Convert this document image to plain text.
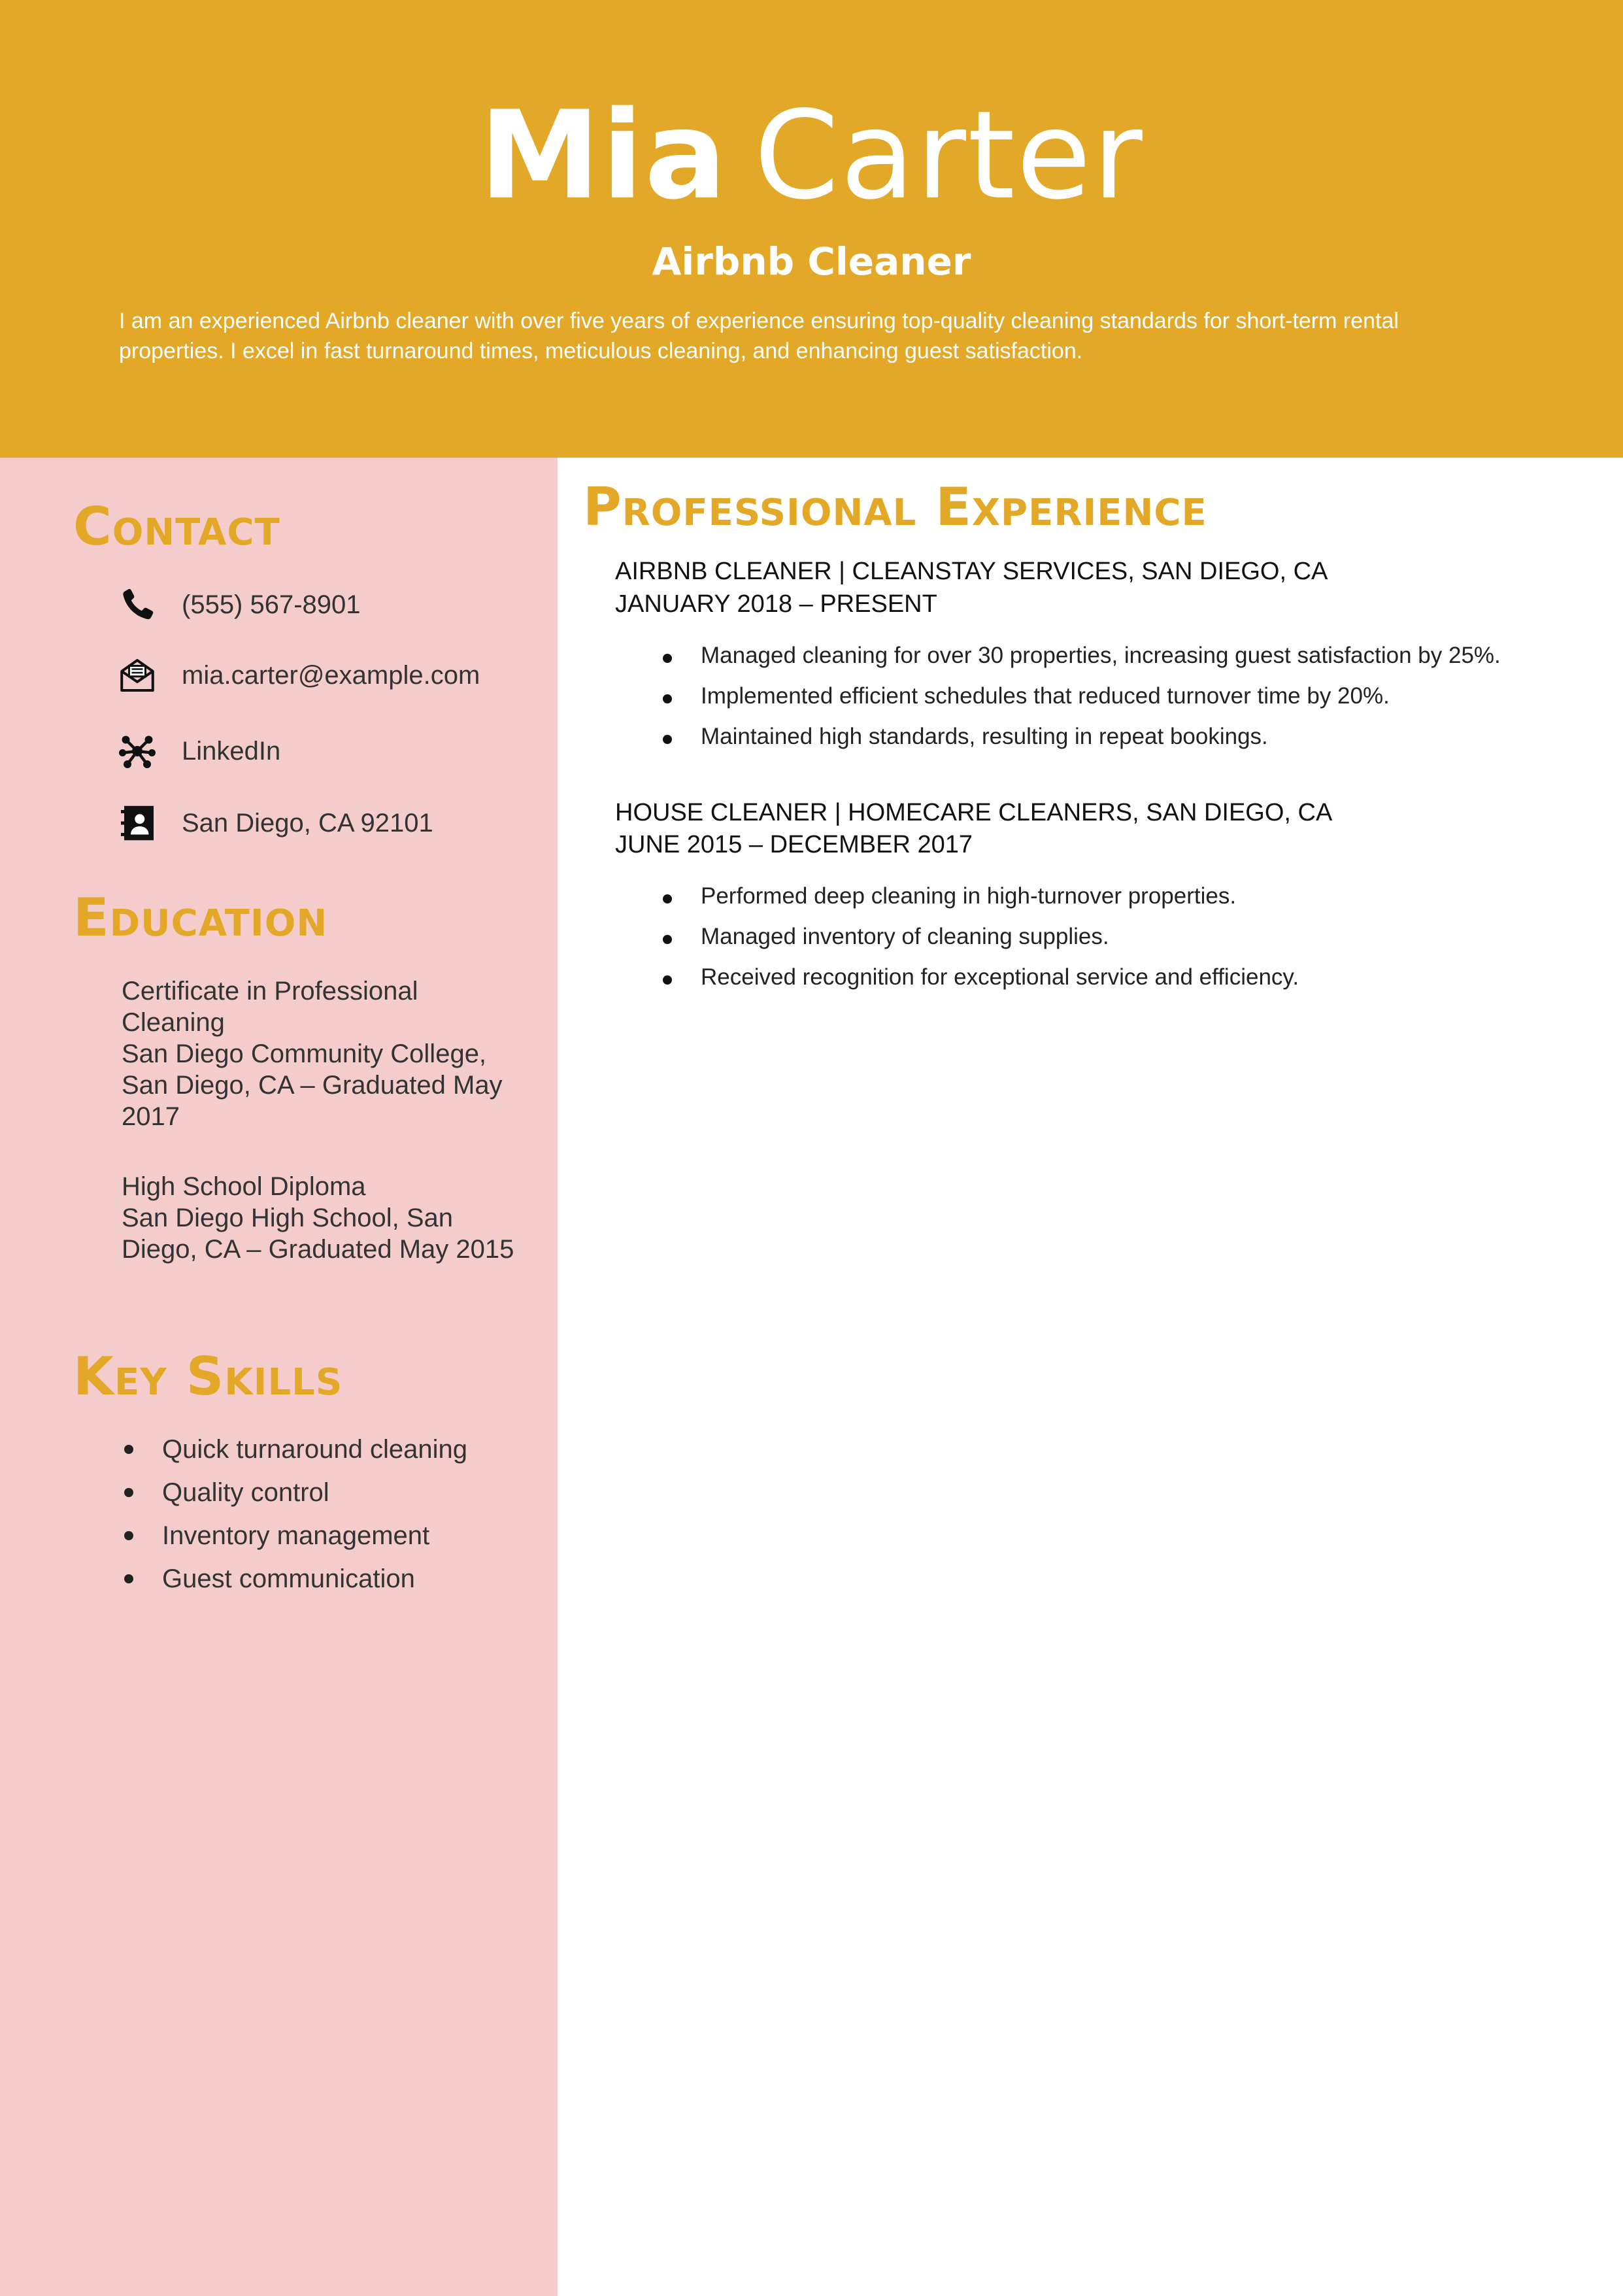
Mia Carter
Airbnb Cleaner
I am an experienced Airbnb cleaner with over five years of experience ensuring top-quality cleaning standards for short-term rental properties. I excel in fast turnaround times, meticulous cleaning, and enhancing guest satisfaction.
Contact
(555) 567-8901
mia.carter@example.com
LinkedIn
San Diego, CA 92101
Education
Certificate in Professional Cleaning
San Diego Community College, San Diego, CA – Graduated May 2017
High School Diploma
San Diego High School, San Diego, CA – Graduated May 2015
Key Skills
Quick turnaround cleaning
Quality control
Inventory management
Guest communication
Professional Experience
AIRBNB CLEANER | CLEANSTAY SERVICES, SAN DIEGO, CA
JANUARY 2018 – PRESENT
Managed cleaning for over 30 properties, increasing guest satisfaction by 25%.
Implemented efficient schedules that reduced turnover time by 20%.
Maintained high standards, resulting in repeat bookings.
HOUSE CLEANER | HOMECARE CLEANERS, SAN DIEGO, CA
JUNE 2015 – DECEMBER 2017
Performed deep cleaning in high-turnover properties.
Managed inventory of cleaning supplies.
Received recognition for exceptional service and efficiency.
